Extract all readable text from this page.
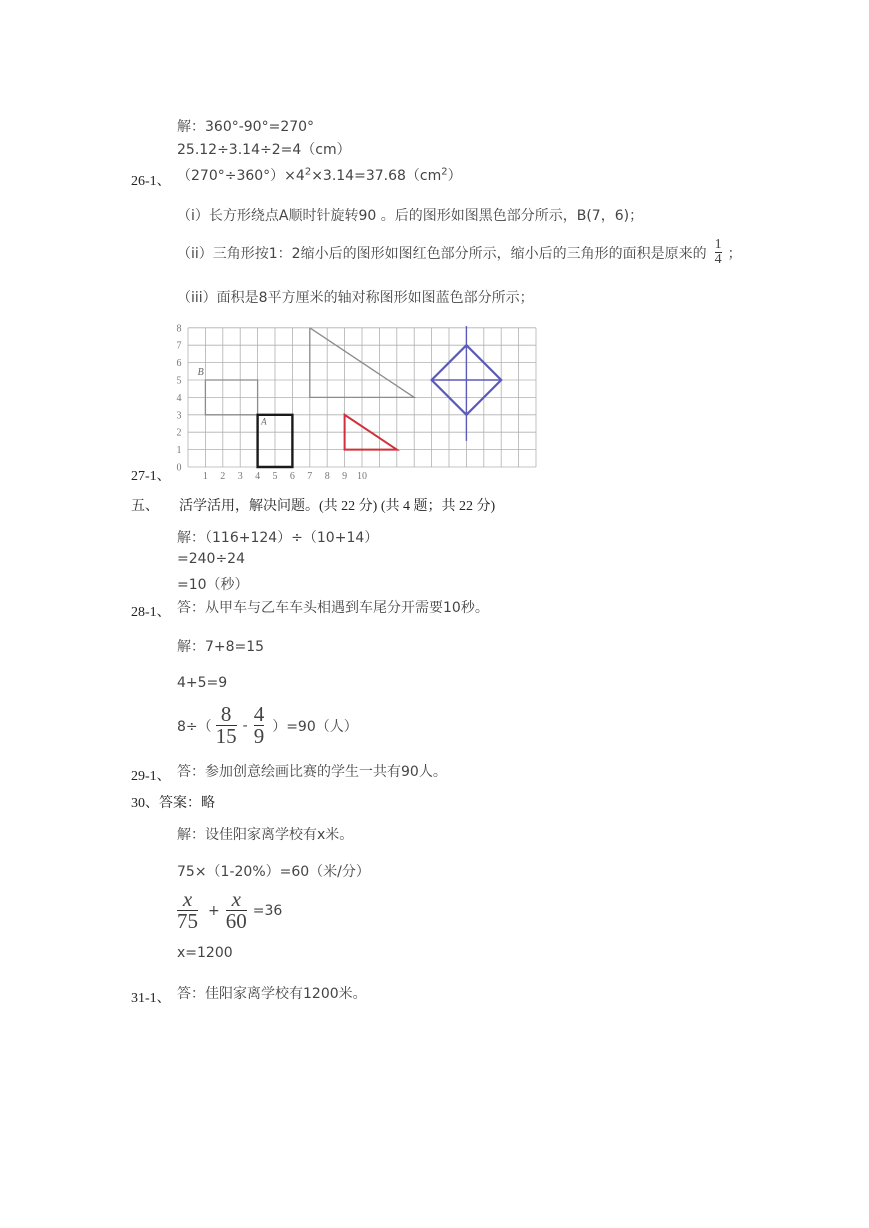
解：360°-90°=270°
25.12÷3.14÷2=4（cm）
26-1、 $(270^\circ\div 360^\circ)\times 4^2\times 3.14=37.68(cm^2)$
（i）长方形绕点A顺时针旋转90 。后的图形如图黑色部分所示，B(7，6)；
（ii）三角形按1：2缩小后的图形如图红色部分所示，缩小后的三角形的面积是原来的 $\frac{1}{4}$ ；
（iii）面积是8平方厘米的轴对称图形如图蓝色部分所示；
0
1
2
3
4
5
6
7
8
1 2 3 4 5 6 7 8 9 10
B
A
27-1、
五、 活学活用，解决问题。(共 22 分) (共 4 题；共 22 分)
解：（116+124）÷（10+14）
=240÷24
=10（秒）
28-1、 答：从甲车与乙车车头相遇到车尾分开需要10秒。
解：7+8=15
4+5=9
$8\div( \frac{8}{15} - \frac{4}{9} )=90$（人）
29-1、 答：参加创意绘画比赛的学生一共有90人。
30、答案：略
解：设佳阳家离学校有x米。
75×（1-20%）=60（米/分）
$\frac{x}{75} + \frac{x}{60} =36$
x=1200
31-1、 答：佳阳家离学校有1200米。
